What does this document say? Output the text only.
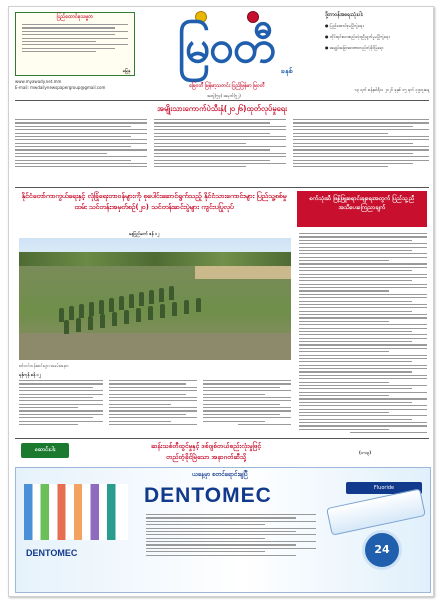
ပြည်ထောင်စုသမ္မတ
မြေနု	မြဝတီ ခနစ်
မြေဝတီ မြန်မာ့သတင်း ပြည်မြန်မာ မြဝတီ
ဒို့တာဝန်အရေးသုံးပါး
● ပြည်ထောင်စုမပြိုကွဲရေး
● တိုင်းရင်းသားစည်းလုံးညီညွတ်မှုမပြိုကွဲရေး
● အချုပ်အခြာအာဏာတည်တံ့ခိုင်မြဲရေး
www.myawady.net.mm
E-mail: mwdailynewspapergroup@gmail.com
အတွဲ(၅၃) အမှတ်(၅၂)
၁၃ ရက် ဇန်နဝါရီလ ၂၀၂၆ ခုနှစ် ၁၅ ရက် ဗုဒ္ဓဟူးနေ့
အမျိုးသားကောက်ပဲသီးနှံ(၂၀၂၆)ထုတ်လုပ်မှုရေး
နိုင်ငံတော်ကာကွယ်ရေးနှင့် လုံခြုံရေးတာဝန်များကို စုပေါင်းဆောင်ရွက်သည့် နိုင်ငံသားကောင်းများ ပြည်သူ့စစ်မှုထမ်း သင်တန်းအမှတ်စဉ်(၂၀) သင်တန်းဆင်းပွဲများ ကျင်းပပြုလုပ်
နေပြည်တော် ဇန် ၁၂
စစ်သင်တန်းဆင်းများ အခမ်းအနား
စက်သုံးဆီ ဖြန့်ဖြူးရောင်းချရေးအတွက် ပြည်သူ့ညီ အသိပေးကြေညာချက်
ရန်ကုန် ဇန် ၁၂
ဆောင်းပါး	ဆန်းသစ်တီထွင်မှုနှင့် ဒစ်ဂျစ်တယ်စည်းလုံးမှုဖြင့်
တည်တံ့ခိုင်မြဲသော အနာဂတ်ဆီသို့
(၁-၁၃)
ယနေ့မှာ စတင်ရောင်းချပြီ
DENTOMEC
DENTOMEC	Fluoride
24
